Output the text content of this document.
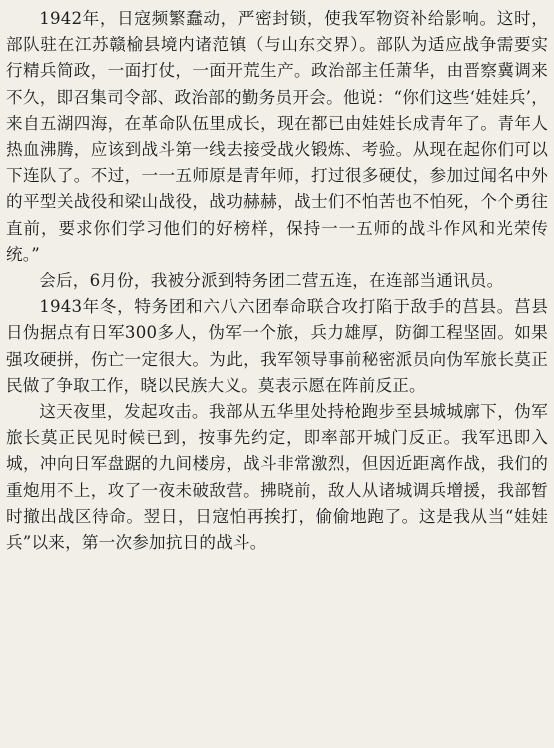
1942年，日寇频繁蠢动，严密封锁，使我军物资补给影响。这时，部队驻在江苏赣榆县境内诸范镇（与山东交界）。部队为适应战争需要实行精兵简政，一面打仗，一面开荒生产。政治部主任萧华，由晋察冀调来不久，即召集司令部、政治部的勤务员开会。他说：“你们这些‘娃娃兵’，来自五湖四海，在革命队伍里成长，现在都已由娃娃长成青年了。青年人热血沸腾，应该到战斗第一线去接受战火锻炼、考验。从现在起你们可以下连队了。不过，一一五师原是青年师，打过很多硬仗，参加过闻名中外的平型关战役和梁山战役，战功赫赫，战士们不怕苦也不怕死，个个勇往直前，要求你们学习他们的好榜样，保持一一五师的战斗作风和光荣传统。”

会后，6月份，我被分派到特务团二营五连，在连部当通讯员。

1943年冬，特务团和六八六团奉命联合攻打陷于敌手的莒县。莒县日伪据点有日军300多人，伪军一个旅，兵力雄厚，防御工程坚固。如果强攻硬拼，伤亡一定很大。为此，我军领导事前秘密派员向伪军旅长莫正民做了争取工作，晓以民族大义。莫表示愿在阵前反正。

这天夜里，发起攻击。我部从五华里处持枪跑步至县城城廓下，伪军旅长莫正民见时候已到，按事先约定，即率部开城门反正。我军迅即入城，冲向日军盘踞的九间楼房，战斗非常激烈，但因近距离作战，我们的重炮用不上，攻了一夜未破敌营。拂晓前，敌人从诸城调兵增援，我部暂时撤出战区待命。翌日，日寇怕再挨打，偷偷地跑了。这是我从当“娃娃兵”以来，第一次参加抗日的战斗。
